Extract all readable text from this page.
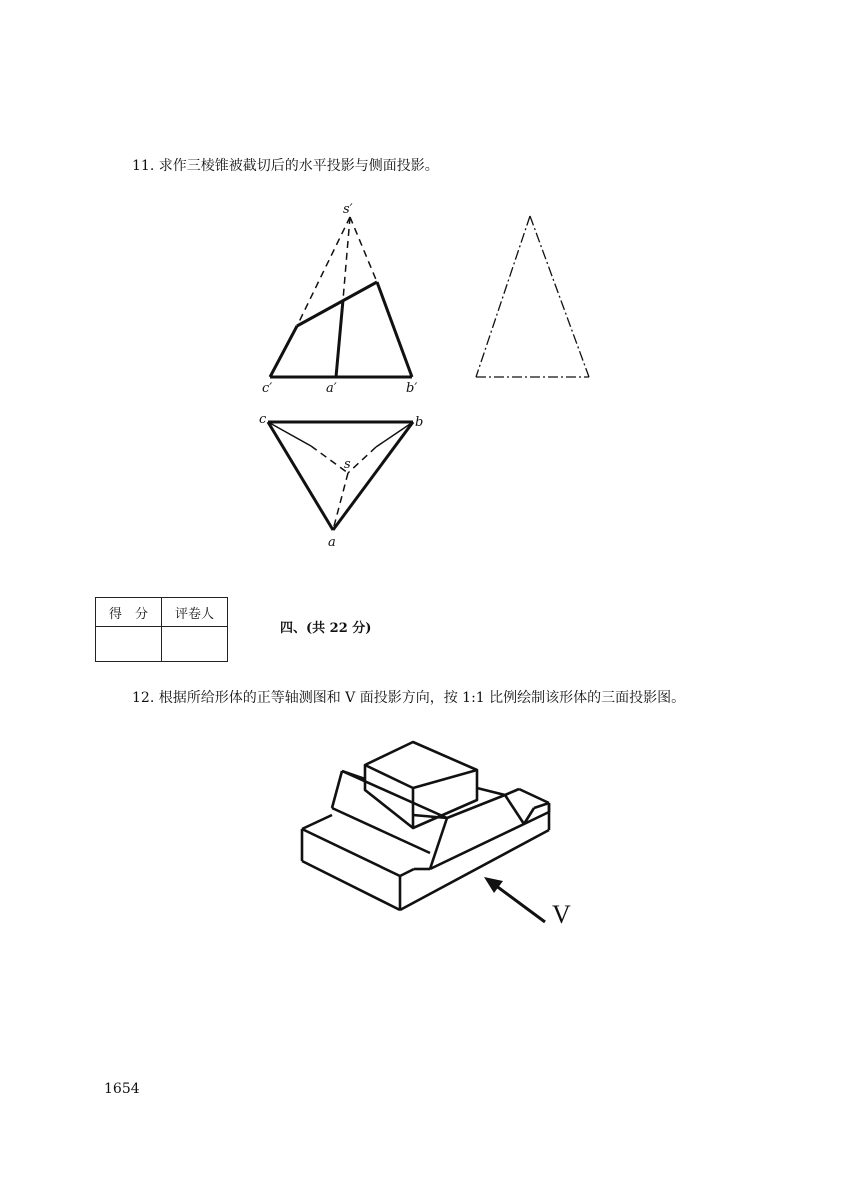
11. 求作三棱锥被截切后的水平投影与侧面投影。
s′
c′	a′	b′
c	b
s
a
V
得　分	评卷人

四、(共 22 分)
12. 根据所给形体的正等轴测图和 V 面投影方向，按 1:1 比例绘制该形体的三面投影图。
1654
